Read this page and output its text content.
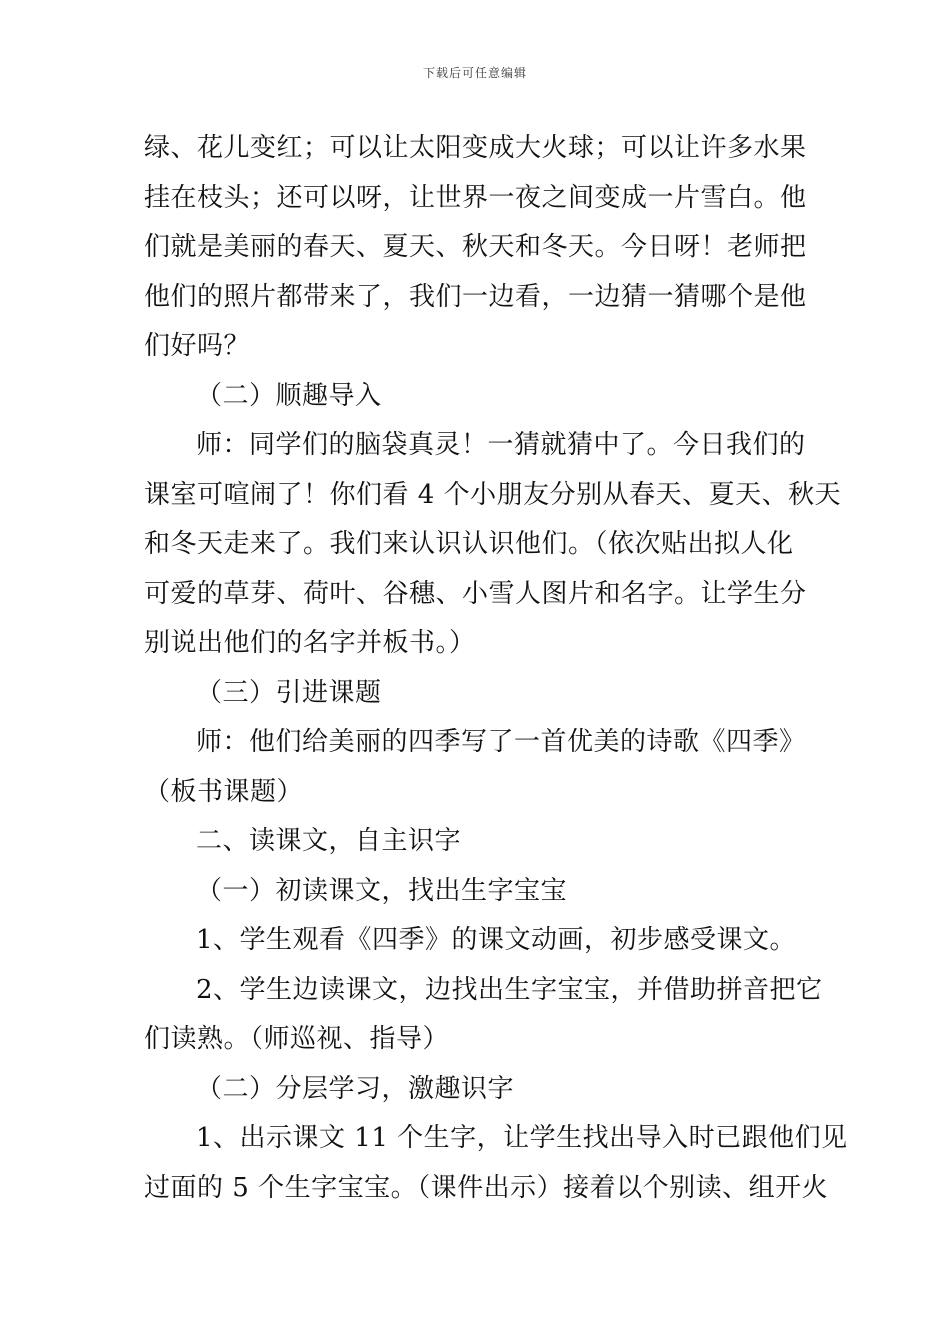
下载后可任意编辑
绿、花儿变红；可以让太阳变成大火球；可以让许多水果
挂在枝头；还可以呀，让世界一夜之间变成一片雪白。他
们就是美丽的春天、夏天、秋天和冬天。今日呀！老师把
他们的照片都带来了，我们一边看，一边猜一猜哪个是他
们好吗？
（二）顺趣导入
师：同学们的脑袋真灵！一猜就猜中了。今日我们的
课室可喧闹了！你们看 4 个小朋友分别从春天、夏天、秋天
和冬天走来了。我们来认识认识他们。（依次贴出拟人化
可爱的草芽、荷叶、谷穗、小雪人图片和名字。让学生分
别说出他们的名字并板书。）
（三）引进课题
师：他们给美丽的四季写了一首优美的诗歌《四季》
（板书课题）
二、读课文，自主识字
（一）初读课文，找出生字宝宝
1、学生观看《四季》的课文动画，初步感受课文。
2、学生边读课文，边找出生字宝宝，并借助拼音把它
们读熟。（师巡视、指导）
（二）分层学习，激趣识字
1、出示课文 11 个生字，让学生找出导入时已跟他们见
过面的 5 个生字宝宝。（课件出示）接着以个别读、组开火
